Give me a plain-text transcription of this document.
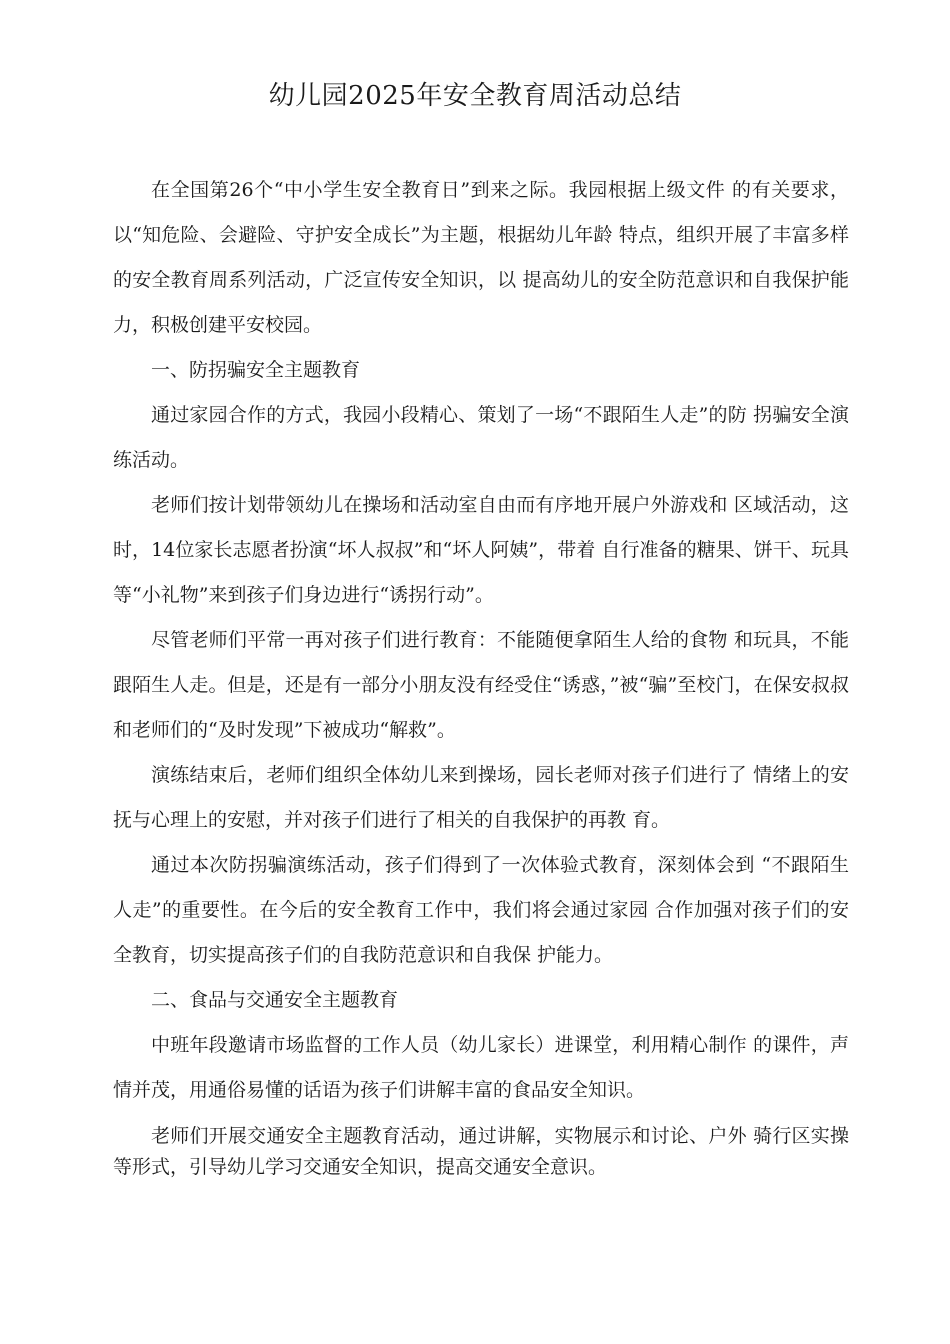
幼儿园2025年安全教育周活动总结

在全国第26个“中小学生安全教育日”到来之际。我园根据上级文件 的有关要求，以“知危险、会避险、守护安全成长”为主题，根据幼儿年龄 特点，组织开展了丰富多样的安全教育周系列活动，广泛宣传安全知识，以 提高幼儿的安全防范意识和自我保护能力，积极创建平安校园。

一、防拐骗安全主题教育

通过家园合作的方式，我园小段精心、策划了一场“不跟陌生人走”的防 拐骗安全演练活动。

老师们按计划带领幼儿在操场和活动室自由而有序地开展户外游戏和 区域活动，这时，14位家长志愿者扮演“坏人叔叔”和“坏人阿姨”，带着 自行准备的糖果、饼干、玩具等“小礼物”来到孩子们身边进行“诱拐行动”。

尽管老师们平常一再对孩子们进行教育：不能随便拿陌生人给的食物 和玩具，不能跟陌生人走。但是，还是有一部分小朋友没有经受住“诱惑，”被“骗”至校门，在保安叔叔和老师们的“及时发现”下被成功“解救”。

演练结束后，老师们组织全体幼儿来到操场，园长老师对孩子们进行了 情绪上的安抚与心理上的安慰，并对孩子们进行了相关的自我保护的再教 育。

通过本次防拐骗演练活动，孩子们得到了一次体验式教育，深刻体会到 “不跟陌生人走”的重要性。在今后的安全教育工作中，我们将会通过家园 合作加强对孩子们的安全教育，切实提高孩子们的自我防范意识和自我保 护能力。

二、食品与交通安全主题教育

中班年段邀请市场监督的工作人员（幼儿家长）进课堂，利用精心制作 的课件，声情并茂，用通俗易懂的话语为孩子们讲解丰富的食品安全知识。

老师们开展交通安全主题教育活动，通过讲解，实物展示和讨论、户外 骑行区实操等形式，引导幼儿学习交通安全知识，提高交通安全意识。
